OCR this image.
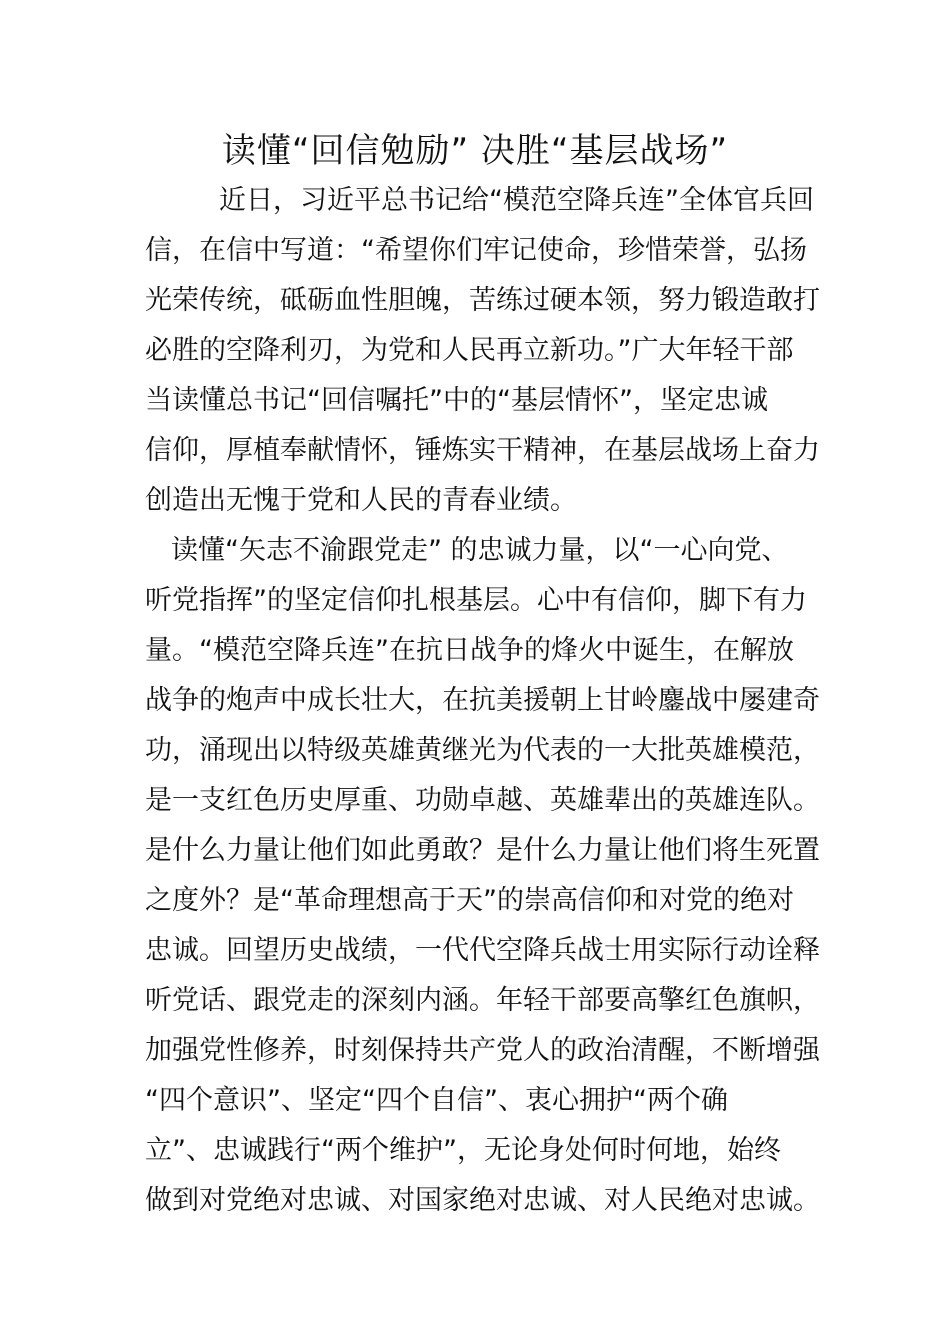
读懂“回信勉励” 决胜“基层战场”
近日，习近平总书记给“模范空降兵连”全体官兵回
信，在信中写道：“希望你们牢记使命，珍惜荣誉，弘扬
光荣传统，砥砺血性胆魄，苦练过硬本领，努力锻造敢打
必胜的空降利刃，为党和人民再立新功。”广大年轻干部
当读懂总书记“回信嘱托”中的“基层情怀”，坚定忠诚
信仰，厚植奉献情怀，锤炼实干精神，在基层战场上奋力
创造出无愧于党和人民的青春业绩。
读懂“矢志不渝跟党走” 的忠诚力量，以“一心向党、
听党指挥”的坚定信仰扎根基层。心中有信仰，脚下有力
量。“模范空降兵连”在抗日战争的烽火中诞生，在解放
战争的炮声中成长壮大，在抗美援朝上甘岭鏖战中屡建奇
功，涌现出以特级英雄黄继光为代表的一大批英雄模范，
是一支红色历史厚重、功勋卓越、英雄辈出的英雄连队。
是什么力量让他们如此勇敢？是什么力量让他们将生死置
之度外？是“革命理想高于天”的崇高信仰和对党的绝对
忠诚。回望历史战绩，一代代空降兵战士用实际行动诠释
听党话、跟党走的深刻内涵。年轻干部要高擎红色旗帜，
加强党性修养，时刻保持共产党人的政治清醒，不断增强
“四个意识”、坚定“四个自信”、衷心拥护“两个确
立”、忠诚践行“两个维护”，无论身处何时何地，始终
做到对党绝对忠诚、对国家绝对忠诚、对人民绝对忠诚。
